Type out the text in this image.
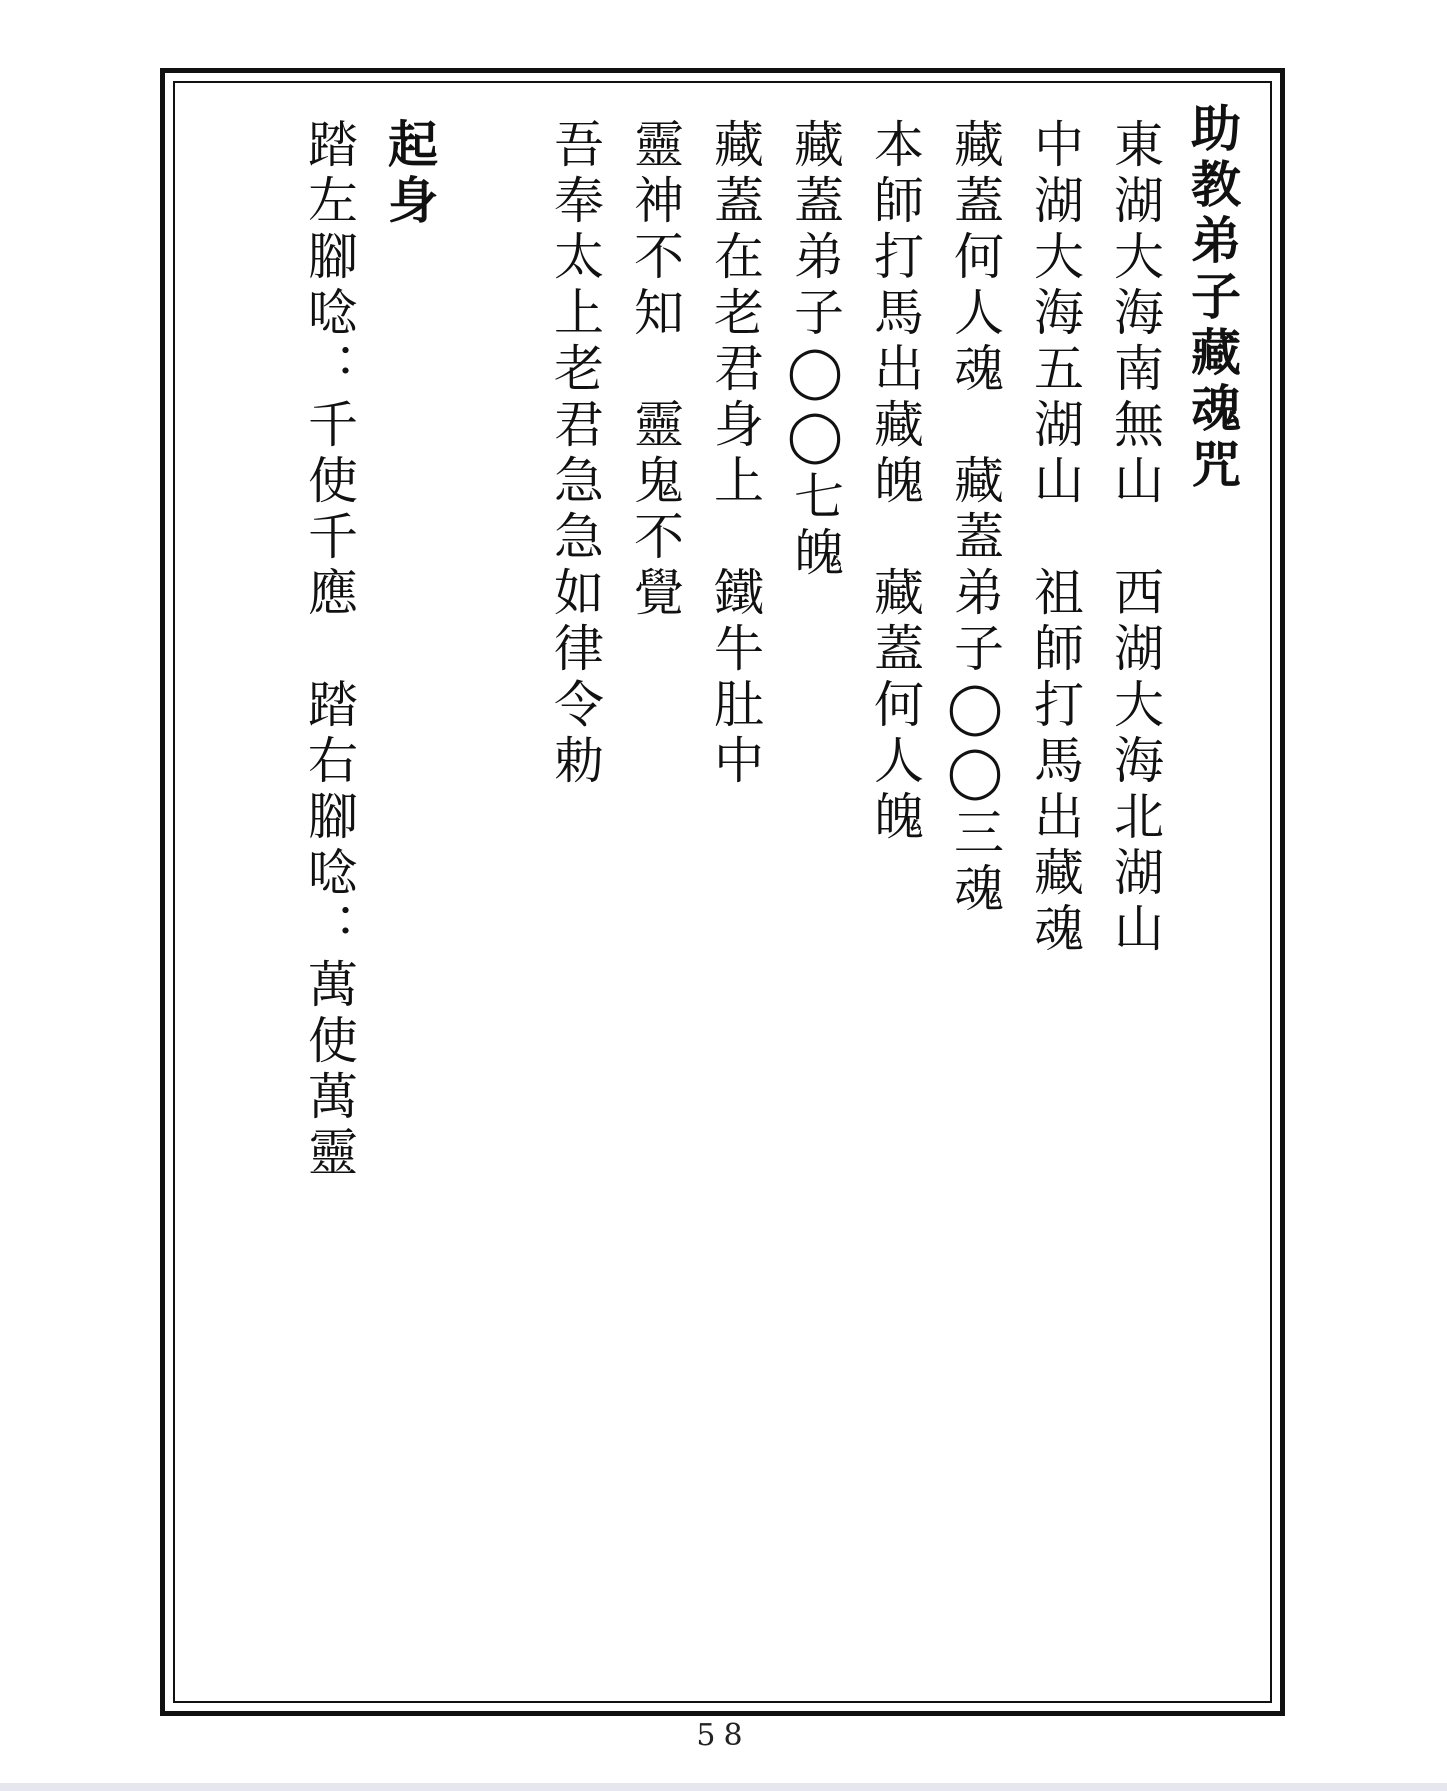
助教弟子藏魂咒
東湖大海南無山　西湖大海北湖山
中湖大海五湖山　祖師打馬出藏魂
藏蓋何人魂　藏蓋弟子◯◯三魂
本師打馬出藏魄　藏蓋何人魄
藏蓋弟子◯◯七魄
藏蓋在老君身上　鐵牛肚中
靈神不知　靈鬼不覺
吾奉太上老君急急如律令勅
起身
踏左腳唸：千使千應　踏右腳唸：萬使萬靈
58
